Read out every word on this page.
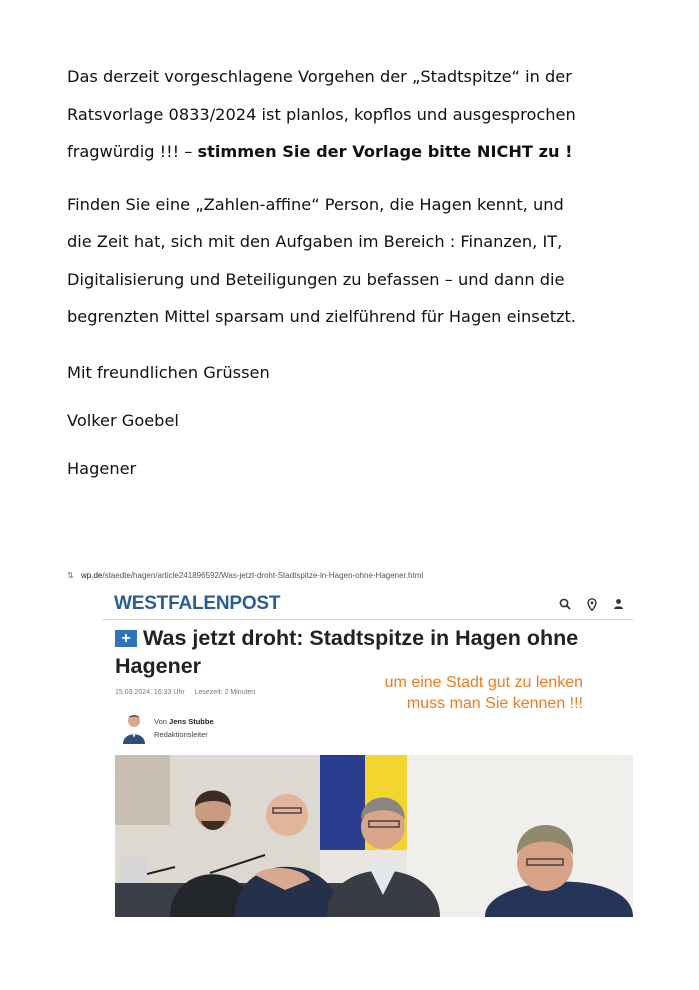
Das derzeit vorgeschlagene Vorgehen der „Stadtspitze“ in der

Ratsvorlage 0833/2024 ist planlos, kopflos und ausgesprochen

fragwürdig !!! – stimmen Sie der Vorlage bitte NICHT zu !

Finden Sie eine „Zahlen-affine“ Person, die Hagen kennt, und

die Zeit hat, sich mit den Aufgaben im Bereich : Finanzen, IT,

Digitalisierung und Beteiligungen zu befassen – und dann die

begrenzten Mittel sparsam und zielführend für Hagen einsetzt.

Mit freundlichen Grüssen

Volker Goebel

Hagener

⇅ wp.de /staedte/hagen/article241896592/Was-jetzt-droht-Stadtspitze-in-Hagen-ohne-Hagener.html
WESTFALENPOST
+ Was jetzt droht: Stadtspitze in Hagen ohne Hagener
15.03.2024, 16:33 Uhr Lesezeit: 2 Minuten
um eine Stadt gut zu lenken
muss man Sie kennen !!!
Von Jens Stubbe
Redaktionsleiter
